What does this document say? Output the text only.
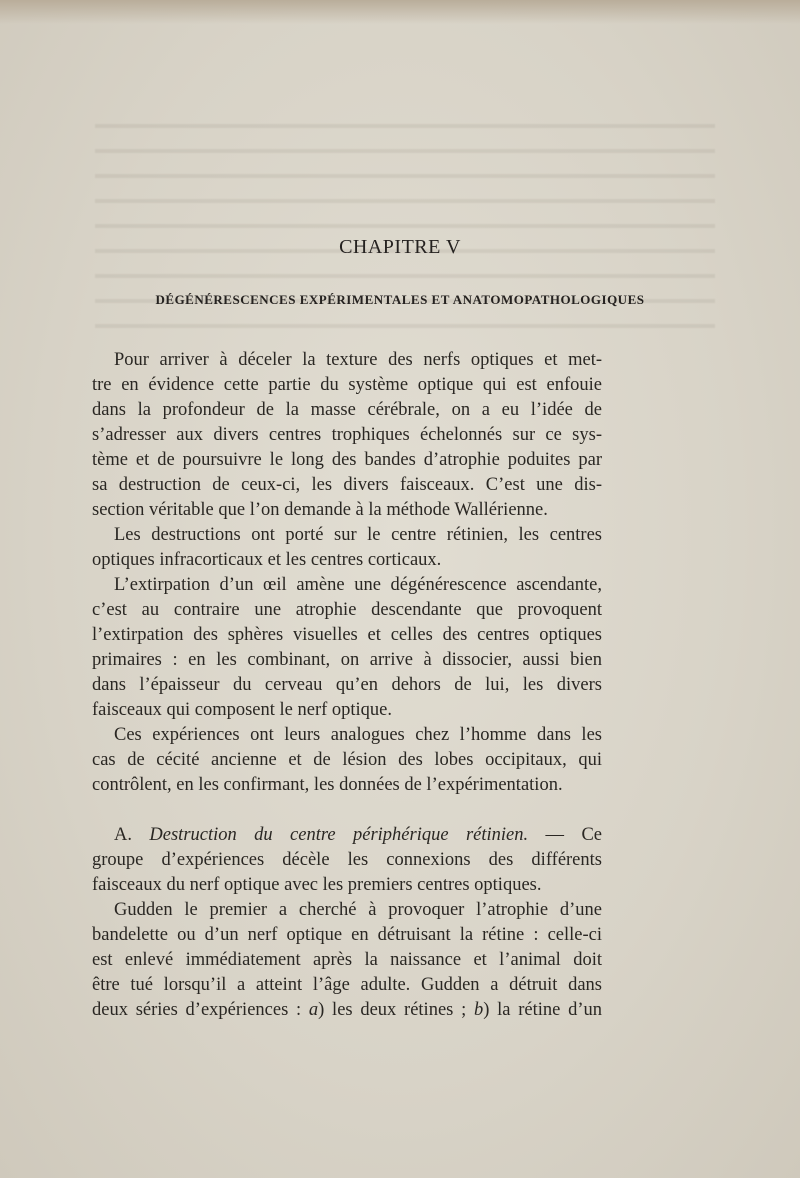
CHAPITRE V
DÉGÉNÉRESCENCES EXPÉRIMENTALES ET ANATOMOPATHOLOGIQUES
Pour arriver à déceler la texture des nerfs optiques et met-
tre en évidence cette partie du système optique qui est enfouie
dans la profondeur de la masse cérébrale, on a eu l’idée de
s’adresser aux divers centres trophiques échelonnés sur ce sys-
tème et de poursuivre le long des bandes d’atrophie poduites par
sa destruction de ceux-ci, les divers faisceaux. C’est une dis-
section véritable que l’on demande à la méthode Wallérienne.
Les destructions ont porté sur le centre rétinien, les centres
optiques infracorticaux et les centres corticaux.
L’extirpation d’un œil amène une dégénérescence ascendante,
c’est au contraire une atrophie descendante que provoquent
l’extirpation des sphères visuelles et celles des centres optiques
primaires : en les combinant, on arrive à dissocier, aussi bien
dans l’épaisseur du cerveau qu’en dehors de lui, les divers
faisceaux qui composent le nerf optique.
Ces expériences ont leurs analogues chez l’homme dans les
cas de cécité ancienne et de lésion des lobes occipitaux, qui
contrôlent, en les confirmant, les données de l’expérimentation.
A. Destruction du centre périphérique rétinien. — Ce
groupe d’expériences décèle les connexions des différents
faisceaux du nerf optique avec les premiers centres optiques.
Gudden le premier a cherché à provoquer l’atrophie d’une
bandelette ou d’un nerf optique en détruisant la rétine : celle-ci
est enlevé immédiatement après la naissance et l’animal doit
être tué lorsqu’il a atteint l’âge adulte. Gudden a détruit dans
deux séries d’expériences : a) les deux rétines ; b) la rétine d’un
